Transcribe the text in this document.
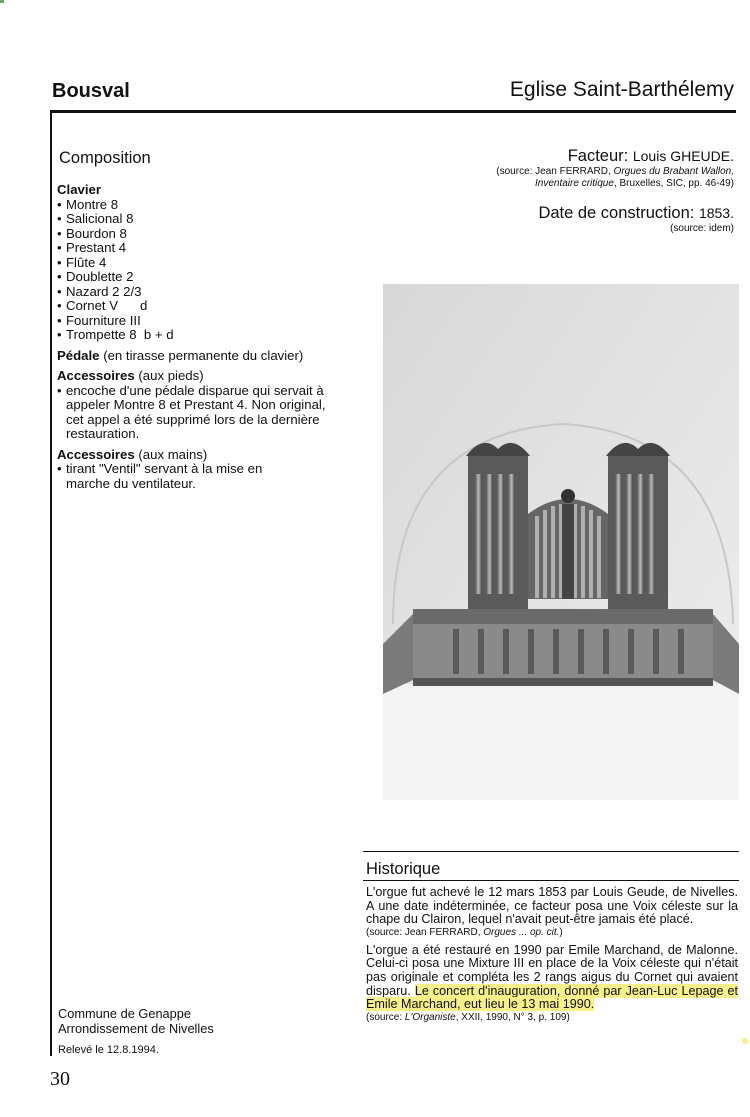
Bousval	Eglise Saint-Barthélemy
Composition
Clavier
• Montre 8
• Salicional 8
• Bourdon 8
• Prestant 4
• Flûte 4
• Doublette 2
• Nazard 2 2/3
• Cornet V      d
• Fourniture III
• Trompette 8  b + d
Pédale (en tirasse permanente du clavier)
Accessoires (aux pieds)
• encoche d'une pédale disparue qui servait à appeler Montre 8 et Prestant 4. Non original, cet appel a été supprimé lors de la dernière restauration.
Accessoires (aux mains)
• tirant "Ventil" servant à la mise en marche du ventilateur.
Facteur: Louis GHEUDE.
(source: Jean FERRARD, Orgues du Brabant Wallon,
Inventaire critique, Bruxelles, SIC, pp. 46-49)
Date de construction: 1853.
(source: idem)
Historique

L'orgue fut achevé le 12 mars 1853 par Louis Geude, de Nivelles. A une date indéterminée, ce facteur posa une Voix céleste sur la chape du Clairon, lequel n'avait peut-être jamais été placé.

(source: Jean FERRARD, Orgues ... op. cit.)

L'orgue a été restauré en 1990 par Emile Marchand, de Malonne. Celui-ci posa une Mixture III en place de la Voix céleste qui n'était pas originale et compléta les 2 rangs aigus du Cornet qui avaient disparu. Le concert d'inauguration, donné par Jean-Luc Lepage et Emile Marchand, eut lieu le 13 mai 1990.

(source: L'Organiste, XXII, 1990, N° 3, p. 109)
Commune de Genappe
Arrondissement de Nivelles
Relevé le 12.8.1994.
30
